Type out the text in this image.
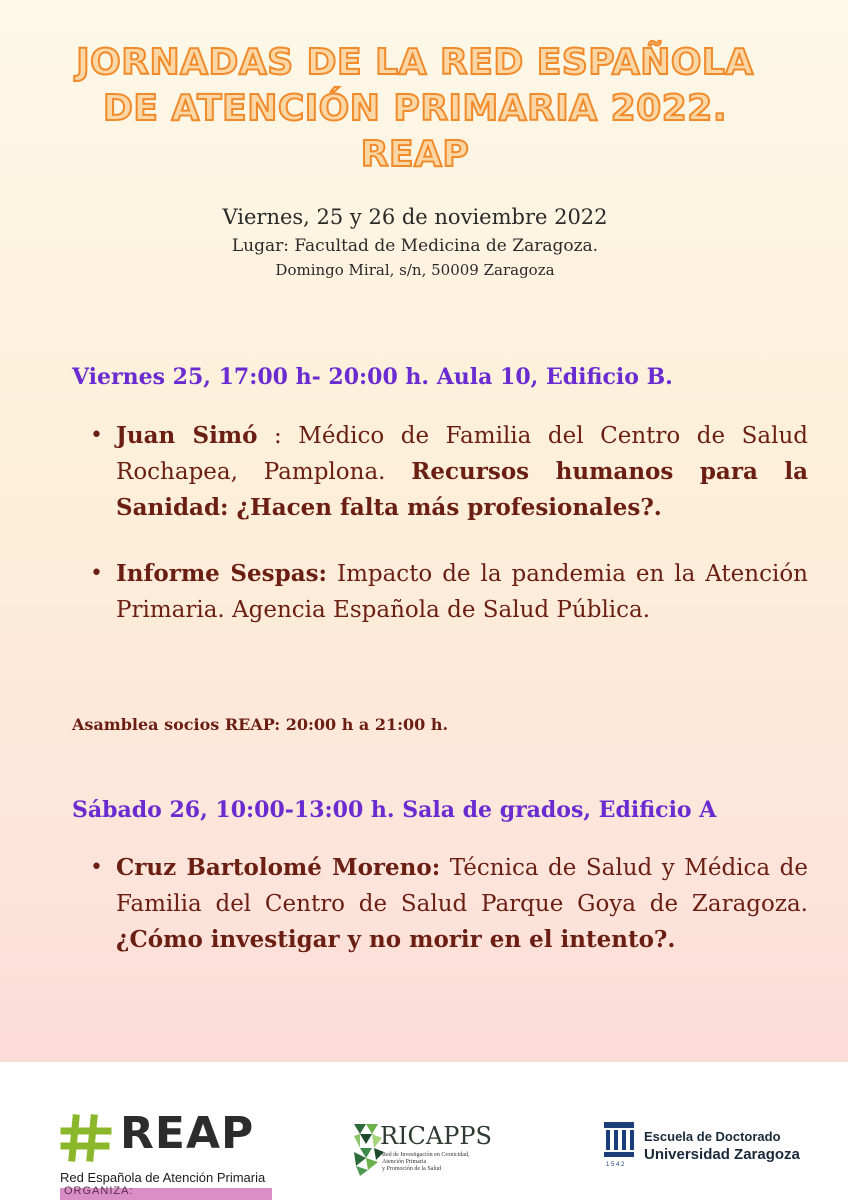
JORNADAS DE LA RED ESPAÑOLA
DE ATENCIÓN PRIMARIA 2022.
REAP
Viernes, 25 y 26 de noviembre 2022
Lugar: Facultad de Medicina de Zaragoza.
Domingo Miral, s/n, 50009 Zaragoza
Viernes 25, 17:00 h- 20:00 h. Aula 10, Edificio B.
• Juan Simó : Médico de Familia del Centro de Salud Rochapea, Pamplona. Recursos humanos para la Sanidad: ¿Hacen falta más profesionales?.
• Informe Sespas: Impacto de la pandemia en la Atención Primaria. Agencia Española de Salud Pública.
Asamblea socios REAP: 20:00 h a 21:00 h.
Sábado 26, 10:00-13:00 h. Sala de grados, Edificio A
• Cruz Bartolomé Moreno: Técnica de Salud y Médica de Familia del Centro de Salud Parque Goya de Zaragoza. ¿Cómo investigar y no morir en el intento?.
REAP
Red Española de Atención Primaria
ORGANIZA:
RICAPPS
Red de Investigación en Cronicidad,
Atención Primaria
y Promoción de la Salud
Escuela de Doctorado
Universidad Zaragoza
1 5 4 2
